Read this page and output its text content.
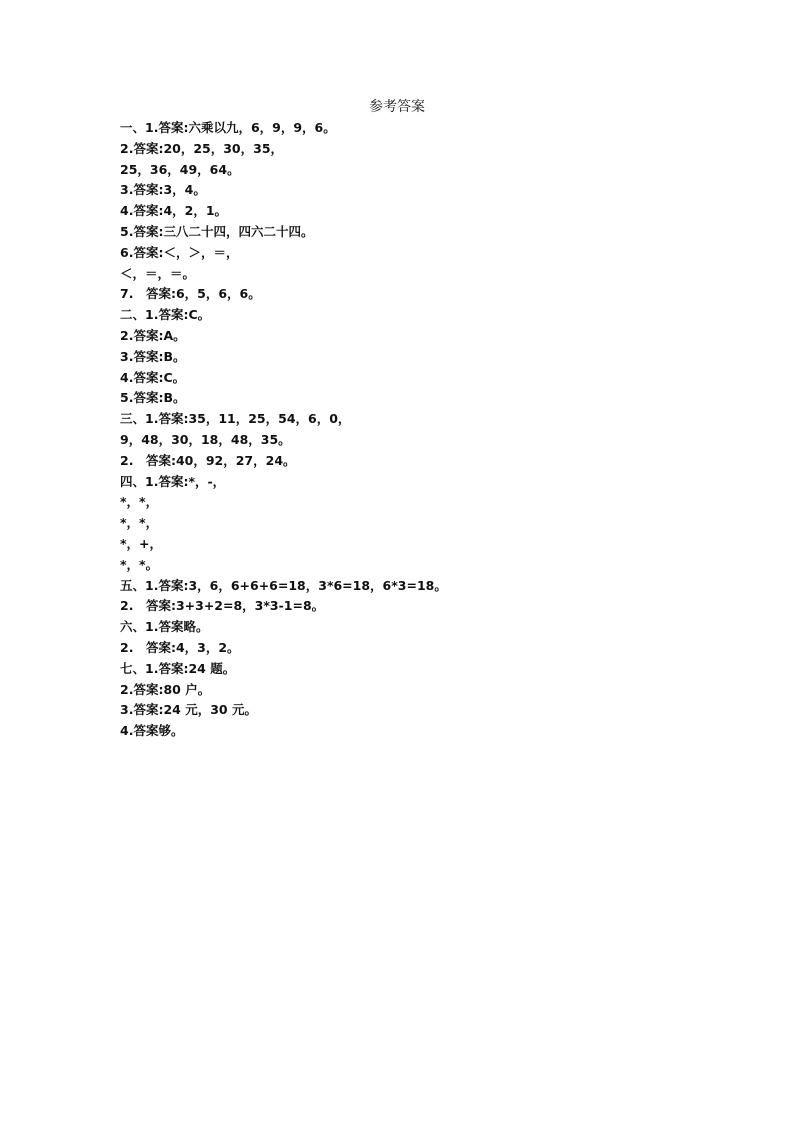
参考答案
一、1.答案:六乘以九，6，9，9，6。
2.答案:20，25，30，35，
25，36，49，64。
3.答案:3，4。
4.答案:4，2，1。
5.答案:三八二十四，四六二十四。
6.答案:＜，＞，＝，
＜，＝，＝。
7.　答案:6，5，6，6。
二、1.答案:C。
2.答案:A。
3.答案:B。
4.答案:C。
5.答案:B。
三、1.答案:35，11，25，54，6，0，
9，48，30，18，48，35。
2.　答案:40，92，27，24。
四、1.答案:*，-，
*，*，
*，*，
*，+，
*，*。
五、1.答案:3，6，6+6+6=18，3*6=18，6*3=18。
2.　答案:3+3+2=8，3*3-1=8。
六、1.答案略。
2.　答案:4，3，2。
七、1.答案:24 题。
2.答案:80 户。
3.答案:24 元，30 元。
4.答案够。
